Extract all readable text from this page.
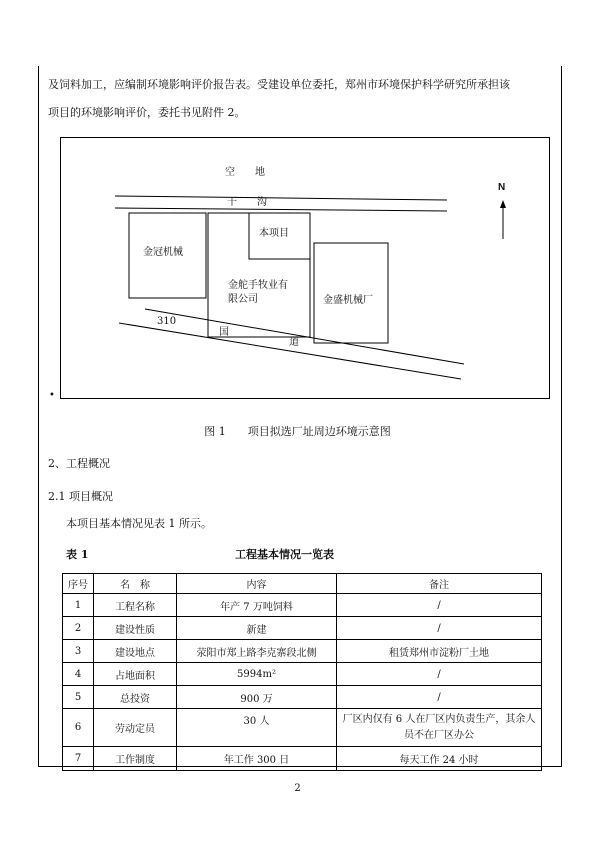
及饲料加工，应编制环境影响评价报告表。受建设单位委托，郑州市环境保护科学研究所承担该
项目的环境影响评价，委托书见附件 2。
空　　地
干　　沟
本项目
金冠机械
金舵手牧业有
限公司	金盛机械厂
310
国
道
N
•
图 1　　项目拟选厂址周边环境示意图
2、工程概况
2.1 项目概况
本项目基本情况见表 1 所示。
表 1	工程基本情况一览表
序号	名　称	内容	备注
1	工程名称	年产 7 万吨饲料	/
2	建设性质	新建	/
3	建设地点	荥阳市郑上路李克寨段北侧	租赁郑州市淀粉厂土地
4	占地面积	5994m²	/
5	总投资	900 万	/
6	劳动定员	30 人	厂区内仅有 6 人在厂区内负责生产，其余人员不在厂区办公
7	工作制度	年工作 300 日	每天工作 24 小时
2
